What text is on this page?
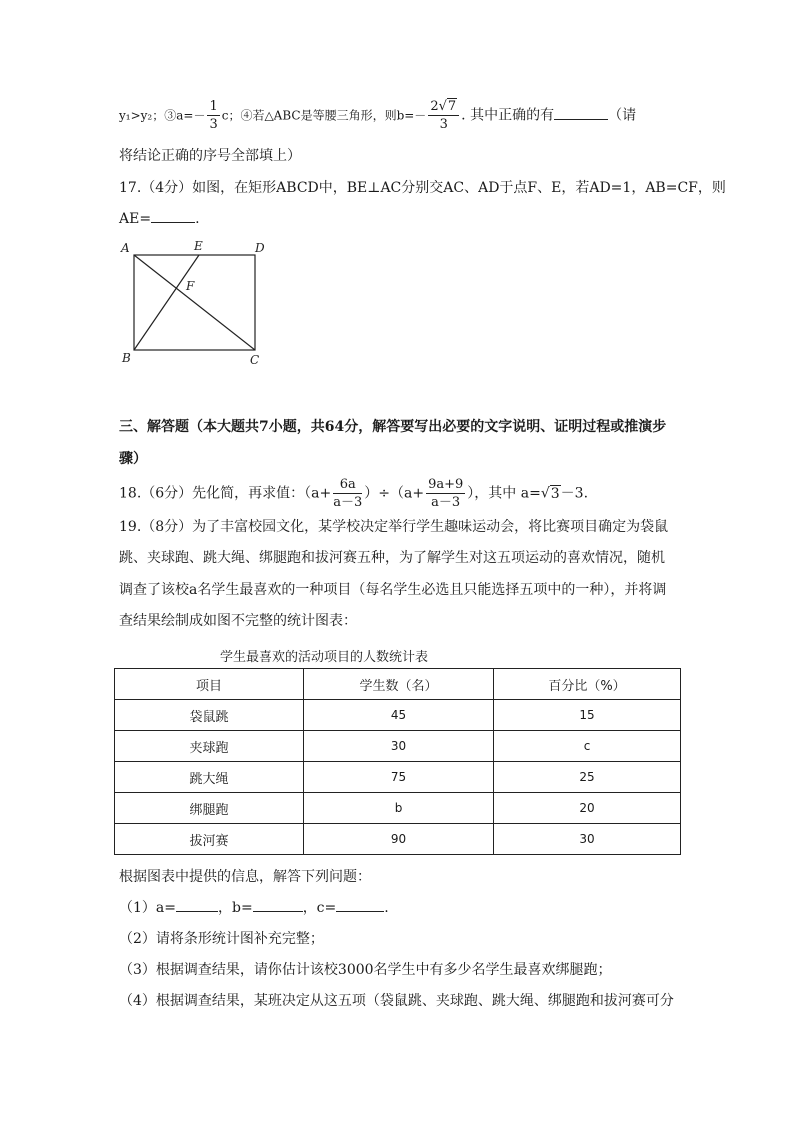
y₁>y₂；③a=－ $\frac{1}{3}$ c；④若△ABC是等腰三角形，则$b=- \frac{2√7}{3}$ . 其中正确的有	（请
将结论正确的序号全部填上）
17.（4分）如图，在矩形ABCD中，BE⊥AC分别交AC、AD于点F、E，若AD=1，AB=CF，则
AE=	.
A	E	D
F
B	C
三、解答题（本大题共7小题，共64分，解答要写出必要的文字说明、证明过程或推演步
骤）
18.（6分）先化简，再求值：$(a+ \frac{6a}{a-3} )\div(a+ \frac{9a+9}{a-3}$ ），其中 a=√3－3.
19.（8分）为了丰富校园文化，某学校决定举行学生趣味运动会，将比赛项目确定为袋鼠
跳、夹球跑、跳大绳、绑腿跑和拔河赛五种，为了解学生对这五项运动的喜欢情况，随机
调查了该校a名学生最喜欢的一种项目（每名学生必选且只能选择五项中的一种），并将调
查结果绘制成如图不完整的统计图表：
学生最喜欢的活动项目的人数统计表
项目	学生数（名）	百分比（%）
袋鼠跳	45	15
夹球跑	30	c
跳大绳	75	25
绑腿跑	b	20
拔河赛	90	30
根据图表中提供的信息，解答下列问题：
（1）a=	，b=	，c=	.
（2）请将条形统计图补充完整；
（3）根据调查结果，请你估计该校3000名学生中有多少名学生最喜欢绑腿跑；
（4）根据调查结果，某班决定从这五项（袋鼠跳、夹球跑、跳大绳、绑腿跑和拔河赛可分
